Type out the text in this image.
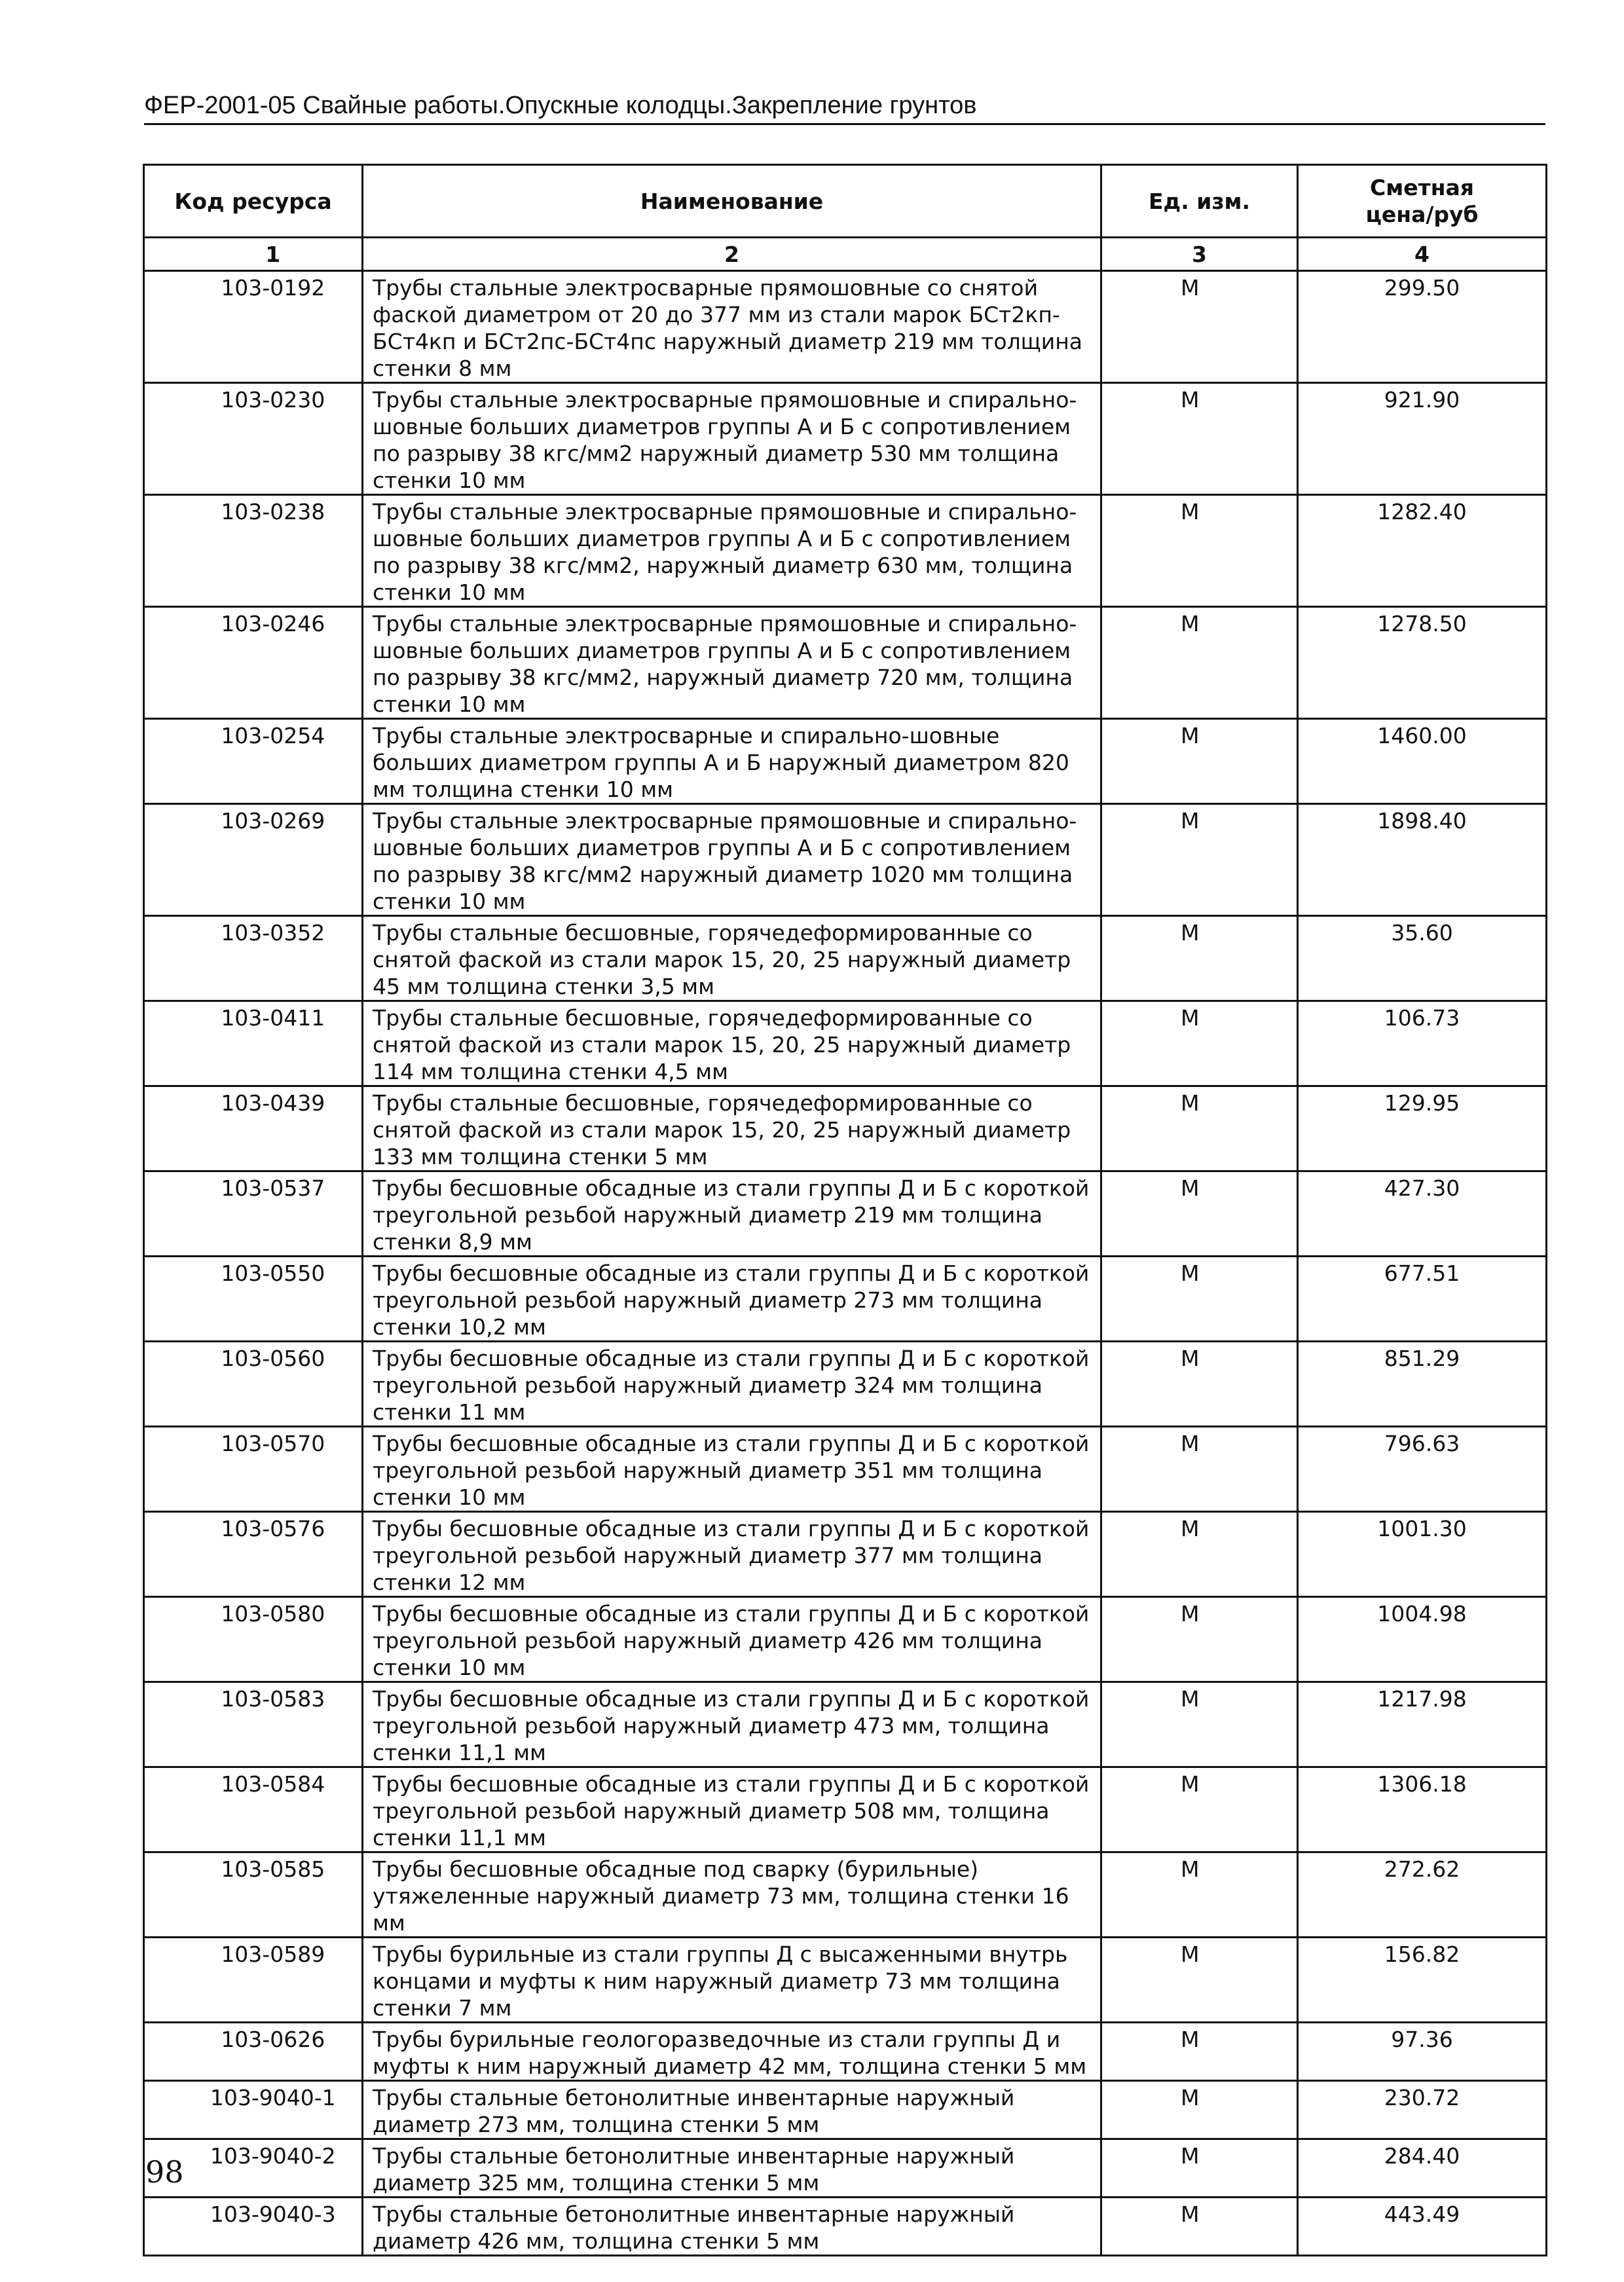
ФЕР-2001-05 Свайные работы.Опускные колодцы.Закрепление грунтов
Код ресурса		Наименование	Ед. изм.	Сметная цена/руб
	1	2	3	4
	103-0192	Трубы стальные электросварные прямошовные со снятой фаской диаметром от 20 до 377 мм из стали марок БСт2кп-БСт4кп и БСт2пс-БСт4пс наружный диаметр 219 мм толщина стенки 8 мм	М	299.50
	103-0230	Трубы стальные электросварные прямошовные и спирально-шовные больших диаметров группы А и Б с сопротивлением по разрыву 38 кгс/мм2 наружный диаметр 530 мм толщина стенки 10 мм	М	921.90
	103-0238	Трубы стальные электросварные прямошовные и спирально-шовные больших диаметров группы А и Б с сопротивлением по разрыву 38 кгс/мм2, наружный диаметр 630 мм, толщина стенки 10 мм	М	1282.40
	103-0246	Трубы стальные электросварные прямошовные и спирально-шовные больших диаметров группы А и Б с сопротивлением по разрыву 38 кгс/мм2, наружный диаметр 720 мм, толщина стенки 10 мм	М	1278.50
	103-0254	Трубы стальные электросварные и спирально-шовные больших диаметром группы А и Б наружный диаметром 820 мм толщина стенки 10 мм	М	1460.00
	103-0269	Трубы стальные электросварные прямошовные и спирально-шовные больших диаметров группы А и Б с сопротивлением по разрыву 38 кгс/мм2 наружный диаметр 1020 мм толщина стенки 10 мм	М	1898.40
	103-0352	Трубы стальные бесшовные, горячедеформированные со снятой фаской из стали марок 15, 20, 25 наружный диаметр 45 мм толщина стенки 3,5 мм	М	35.60
	103-0411	Трубы стальные бесшовные, горячедеформированные со снятой фаской из стали марок 15, 20, 25 наружный диаметр 114 мм толщина стенки 4,5 мм	М	106.73
	103-0439	Трубы стальные бесшовные, горячедеформированные со снятой фаской из стали марок 15, 20, 25 наружный диаметр 133 мм толщина стенки 5 мм	М	129.95
	103-0537	Трубы бесшовные обсадные из стали группы Д и Б с короткой треугольной резьбой наружный диаметр 219 мм толщина стенки 8,9 мм	М	427.30
	103-0550	Трубы бесшовные обсадные из стали группы Д и Б с короткой треугольной резьбой наружный диаметр 273 мм толщина стенки 10,2 мм	М	677.51
	103-0560	Трубы бесшовные обсадные из стали группы Д и Б с короткой треугольной резьбой наружный диаметр 324 мм толщина стенки 11 мм	М	851.29
	103-0570	Трубы бесшовные обсадные из стали группы Д и Б с короткой треугольной резьбой наружный диаметр 351 мм толщина стенки 10 мм	М	796.63
	103-0576	Трубы бесшовные обсадные из стали группы Д и Б с короткой треугольной резьбой наружный диаметр 377 мм толщина стенки 12 мм	М	1001.30
	103-0580	Трубы бесшовные обсадные из стали группы Д и Б с короткой треугольной резьбой наружный диаметр 426 мм толщина стенки 10 мм	М	1004.98
	103-0583	Трубы бесшовные обсадные из стали группы Д и Б с короткой треугольной резьбой наружный диаметр 473 мм, толщина стенки 11,1 мм	М	1217.98
	103-0584	Трубы бесшовные обсадные из стали группы Д и Б с короткой треугольной резьбой наружный диаметр 508 мм, толщина стенки 11,1 мм	М	1306.18
	103-0585	Трубы бесшовные обсадные под сварку (бурильные) утяжеленные наружный диаметр 73 мм, толщина стенки 16 мм	М	272.62
	103-0589	Трубы бурильные из стали группы Д с высаженными внутрь концами и муфты к ним наружный диаметр 73 мм толщина стенки 7 мм	М	156.82
	103-0626	Трубы бурильные геологоразведочные из стали группы Д и муфты к ним наружный диаметр 42 мм, толщина стенки 5 мм	М	97.36
	103-9040-1	Трубы стальные бетонолитные инвентарные наружный диаметр 273 мм, толщина стенки 5 мм	М	230.72
	103-9040-2	Трубы стальные бетонолитные инвентарные наружный диаметр 325 мм, толщина стенки 5 мм	М	284.40
	103-9040-3	Трубы стальные бетонолитные инвентарные наружный диаметр 426 мм, толщина стенки 5 мм	М	443.49
98
